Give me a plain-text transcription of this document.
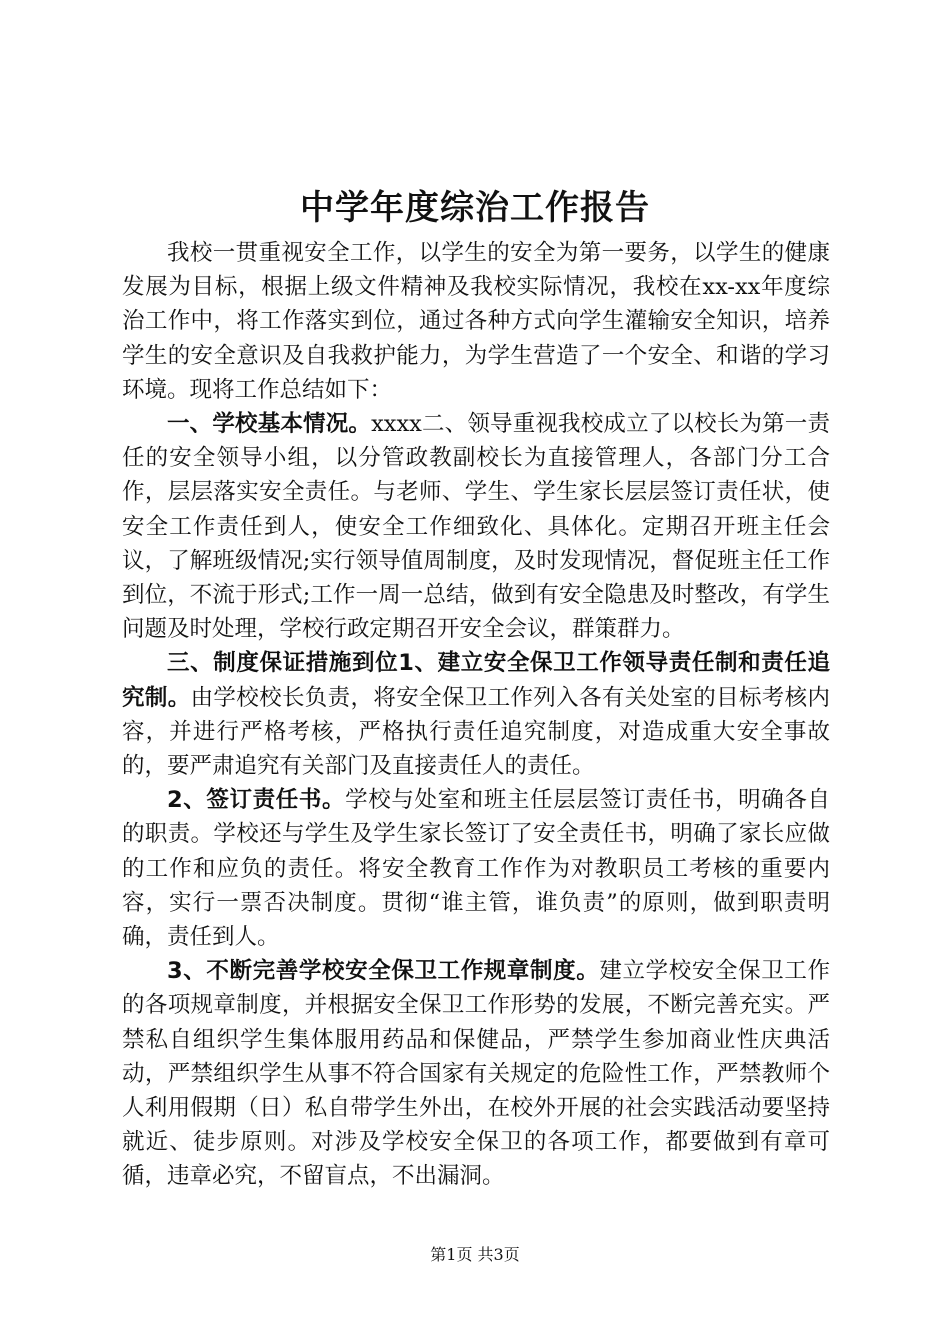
中学年度综治工作报告

我校一贯重视安全工作，以学生的安全为第一要务，以学生的健康发展为目标，根据上级文件精神及我校实际情况，我校在xx-xx年度综治工作中，将工作落实到位，通过各种方式向学生灌输安全知识，培养学生的安全意识及自我救护能力，为学生营造了一个安全、和谐的学习环境。现将工作总结如下：

一、学校基本情况。xxxx二、领导重视我校成立了以校长为第一责任的安全领导小组，以分管政教副校长为直接管理人，各部门分工合作，层层落实安全责任。与老师、学生、学生家长层层签订责任状，使安全工作责任到人，使安全工作细致化、具体化。定期召开班主任会议，了解班级情况;实行领导值周制度，及时发现情况，督促班主任工作到位，不流于形式;工作一周一总结，做到有安全隐患及时整改，有学生问题及时处理，学校行政定期召开安全会议，群策群力。

三、制度保证措施到位1、建立安全保卫工作领导责任制和责任追究制。由学校校长负责，将安全保卫工作列入各有关处室的目标考核内容，并进行严格考核，严格执行责任追究制度，对造成重大安全事故的，要严肃追究有关部门及直接责任人的责任。

2、签订责任书。学校与处室和班主任层层签订责任书，明确各自的职责。学校还与学生及学生家长签订了安全责任书，明确了家长应做的工作和应负的责任。将安全教育工作作为对教职员工考核的重要内容，实行一票否决制度。贯彻“谁主管，谁负责”的原则，做到职责明确，责任到人。

3、不断完善学校安全保卫工作规章制度。建立学校安全保卫工作的各项规章制度，并根据安全保卫工作形势的发展，不断完善充实。严禁私自组织学生集体服用药品和保健品，严禁学生参加商业性庆典活动，严禁组织学生从事不符合国家有关规定的危险性工作，严禁教师个人利用假期（日）私自带学生外出，在校外开展的社会实践活动要坚持就近、徒步原则。对涉及学校安全保卫的各项工作，都要做到有章可循，违章必究，不留盲点，不出漏洞。

第1页 共3页
